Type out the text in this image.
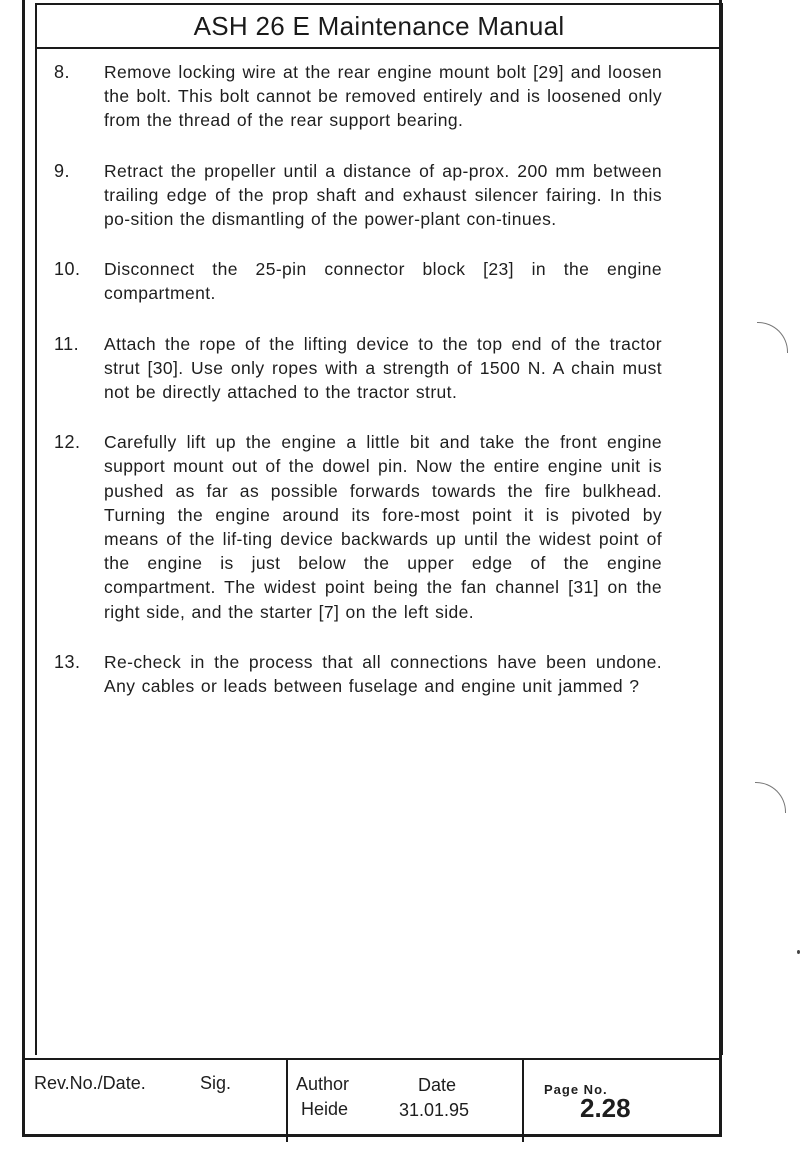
ASH 26 E Maintenance Manual
8. Remove locking wire at the rear engine mount bolt [29] and loosen the bolt. This bolt cannot be removed entirely and is loosened only from the thread of the rear support bearing.
9. Retract the propeller until a distance of ap-prox. 200 mm between trailing edge of the prop shaft and exhaust silencer fairing. In this po-sition the dismantling of the power-plant con-tinues.
10. Disconnect the 25-pin connector block [23] in the engine compartment.
11. Attach the rope of the lifting device to the top end of the tractor strut [30]. Use only ropes with a strength of 1500 N. A chain must not be directly attached to the tractor strut.
12. Carefully lift up the engine a little bit and take the front engine support mount out of the dowel pin. Now the entire engine unit is pushed as far as possible forwards towards the fire bulkhead. Turning the engine around its fore-most point it is pivoted by means of the lif-ting device backwards up until the widest point of the engine is just below the upper edge of the engine compartment. The widest point being the fan channel [31] on the right side, and the starter [7] on the left side.
13. Re-check in the process that all connections have been undone. Any cables or leads between fuselage and engine unit jammed ?
Rev.No./Date.	Sig.	Author
Heide
Date
31.01.95
Page No.
2.28
